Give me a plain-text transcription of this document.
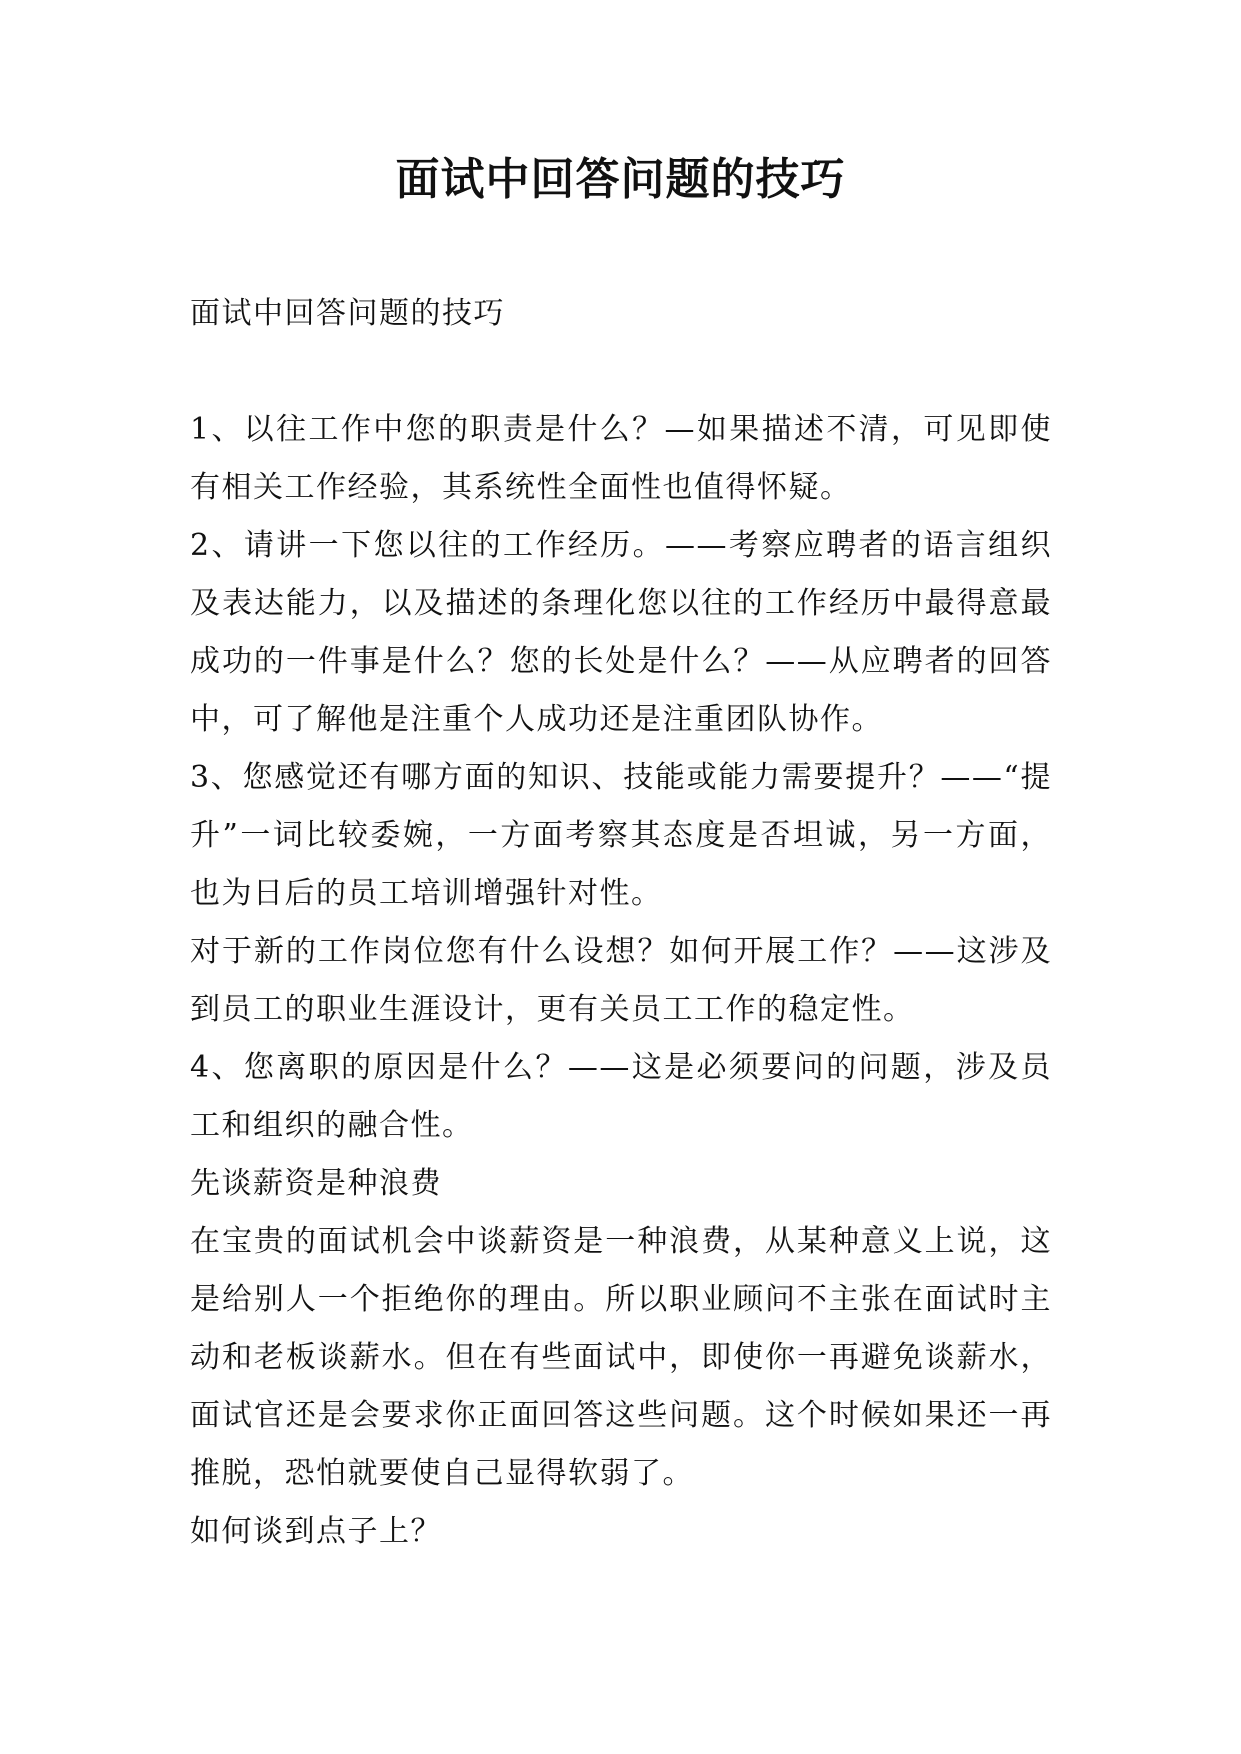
面试中回答问题的技巧

面试中回答问题的技巧

1、以往工作中您的职责是什么？—如果描述不清，可见即使有相关工作经验，其系统性全面性也值得怀疑。

2、请讲一下您以往的工作经历。——考察应聘者的语言组织及表达能力，以及描述的条理化您以往的工作经历中最得意最成功的一件事是什么？您的长处是什么？——从应聘者的回答中，可了解他是注重个人成功还是注重团队协作。

3、您感觉还有哪方面的知识、技能或能力需要提升？——“提升”一词比较委婉，一方面考察其态度是否坦诚，另一方面，也为日后的员工培训增强针对性。

对于新的工作岗位您有什么设想？如何开展工作？——这涉及到员工的职业生涯设计，更有关员工工作的稳定性。

4、您离职的原因是什么？——这是必须要问的问题，涉及员工和组织的融合性。

先谈薪资是种浪费

在宝贵的面试机会中谈薪资是一种浪费，从某种意义上说，这是给别人一个拒绝你的理由。所以职业顾问不主张在面试时主动和老板谈薪水。但在有些面试中，即使你一再避免谈薪水，面试官还是会要求你正面回答这些问题。这个时候如果还一再推脱，恐怕就要使自己显得软弱了。

如何谈到点子上？
